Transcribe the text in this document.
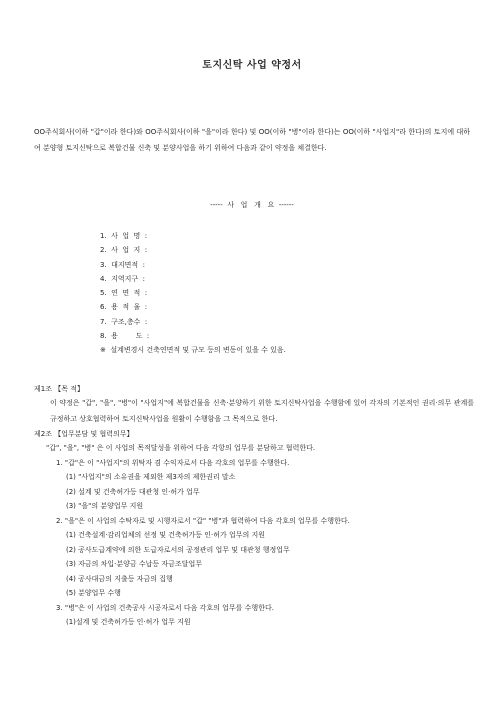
토지신탁 사업 약정서
OO주식회사(이하 "갑"이라 한다)와 OO주식회사(이하 "을"이라 한다) 및 OO(이하 "병"이라 한다)는 OO(이하 "사업지"라 한다)의 토지에 대하여 분양형 토지신탁으로 복합건물 신축 및 분양사업을 하기 위하여 다음과 같이 약정을 체결한다.
-----  사   업   개   요  ------
1.  사  업  명  :
2.  사  업  지  :
3.  대지면적  :
4.  지역지구  :
5.  연  면  적  :
6.  용  적  율  :
7.  구조,층수  :
8.  용        도  :
※  설계변경시 건축연면적 및 규모 등의 변동이 있을 수 있음.
제1조 【목 적】
이 약정은 "갑", "을", "병"이 "사업지"에 복합건물을 신축·분양하기 위한 토지신탁사업을 수행함에 있어 각자의 기본적인 권리·의무 관계를 규정하고 상호협력하여 토지신탁사업을 원활이 수행함을 그 목적으로 한다.
제2조 【업무분담 및 협력의무】
"갑", "을", "병" 은 이 사업의 목적달성을 위하여 다음 각항의 업무를 분담하고 협력한다.
1. "갑"은 이 "사업지"의 위탁자 겸 수익자로서 다음 각호의 업무를 수행한다.
(1) "사업지"의 소유권을 제외한 제3자의 제한권리 말소
(2) 설계 및 건축허가등 대관청 인·허가 업무
(3) "을"의 분양업무 지원
2. "을"은 이 사업의 수탁자로 및 시행자로서 "갑" "병"과 협력하여 다음 각호의 업무를 수행한다.
(1) 건축설계·감리업체의 선정 및 건축허가등 인·허가 업무의 지원
(2) 공사도급계약에 의한 도급자로서의 공정관리 업무 및 대관청 행정업무
(3) 자금의 차입·분양금 수납등 자금조달업무
(4) 공사대금의 지출등 자금의 집행
(5) 분양업무 수행
3. "병"은 이 사업의 건축공사 시공자로서 다음 각호의 업무를 수행한다.
(1)설계 및 건축허가등 인·허가 업무 지원
